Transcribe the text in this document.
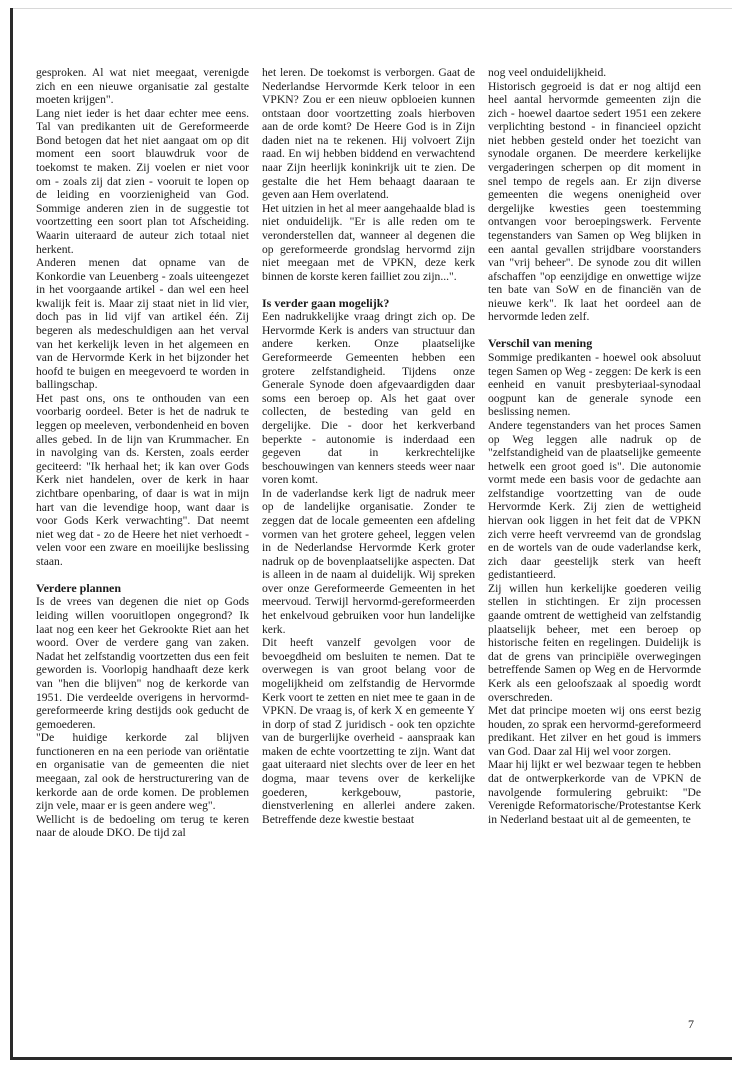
gesproken. Al wat niet meegaat, verenigde zich en een nieuwe organisatie zal gestalte moeten krijgen".

Lang niet ieder is het daar echter mee eens. Tal van predikanten uit de Gereformeerde Bond betogen dat het niet aangaat om op dit moment een soort blauwdruk voor de toekomst te maken. Zij voelen er niet voor om - zoals zij dat zien - vooruit te lopen op de leiding en voorzienigheid van God. Sommige anderen zien in de suggestie tot voortzetting een soort plan tot Afscheiding. Waarin uiteraard de auteur zich totaal niet herkent.

Anderen menen dat opname van de Konkordie van Leuenberg - zoals uiteengezet in het voorgaande artikel - dan wel een heel kwalijk feit is. Maar zij staat niet in lid vier, doch pas in lid vijf van artikel één. Zij begeren als medeschuldigen aan het verval van het kerkelijk leven in het algemeen en van de Hervormde Kerk in het bijzonder het hoofd te buigen en meegevoerd te worden in ballingschap.

Het past ons, ons te onthouden van een voorbarig oordeel. Beter is het de nadruk te leggen op meeleven, verbondenheid en boven alles gebed. In de lijn van Krummacher. En in navolging van ds. Kersten, zoals eerder geciteerd: "Ik herhaal het; ik kan over Gods Kerk niet handelen, over de kerk in haar zichtbare openbaring, of daar is wat in mijn hart van die levendige hoop, want daar is voor Gods Kerk verwachting". Dat neemt niet weg dat - zo de Heere het niet verhoedt - velen voor een zware en moeilijke beslissing staan.

Verdere plannen

Is de vrees van degenen die niet op Gods leiding willen vooruitlopen ongegrond? Ik laat nog een keer het Gekrookte Riet aan het woord. Over de verdere gang van zaken. Nadat het zelfstandig voortzetten dus een feit geworden is. Voorlopig handhaaft deze kerk van "hen die blijven" nog de kerkorde van 1951. Die verdeelde overigens in hervormd-gereformeerde kring destijds ook geducht de gemoederen.

"De huidige kerkorde zal blijven functioneren en na een periode van oriëntatie en organisatie van de gemeenten die niet meegaan, zal ook de herstructurering van de kerkorde aan de orde komen. De problemen zijn vele, maar er is geen andere weg".

Wellicht is de bedoeling om terug te keren naar de aloude DKO. De tijd zal

het leren. De toekomst is verborgen. Gaat de Nederlandse Hervormde Kerk teloor in een VPKN? Zou er een nieuw opbloeien kunnen ontstaan door voortzetting zoals hierboven aan de orde komt? De Heere God is in Zijn daden niet na te rekenen. Hij volvoert Zijn raad. En wij hebben biddend en verwachtend naar Zijn heerlijk koninkrijk uit te zien. De gestalte die het Hem behaagt daaraan te geven aan Hem overlatend.

Het uitzien in het al meer aangehaalde blad is niet onduidelijk. "Er is alle reden om te veronderstellen dat, wanneer al degenen die op gereformeerde grondslag hervormd zijn niet meegaan met de VPKN, deze kerk binnen de korste keren failliet zou zijn...".

Is verder gaan mogelijk?

Een nadrukkelijke vraag dringt zich op. De Hervormde Kerk is anders van structuur dan andere kerken. Onze plaatselijke Gereformeerde Gemeenten hebben een grotere zelfstandigheid. Tijdens onze Generale Synode doen afgevaardigden daar soms een beroep op. Als het gaat over collecten, de besteding van geld en dergelijke. Die - door het kerkverband beperkte - autonomie is inderdaad een gegeven dat in kerkrechtelijke beschouwingen van kenners steeds weer naar voren komt.

In de vaderlandse kerk ligt de nadruk meer op de landelijke organisatie. Zonder te zeggen dat de locale gemeenten een afdeling vormen van het grotere geheel, leggen velen in de Nederlandse Hervormde Kerk groter nadruk op de bovenplaatselijke aspecten. Dat is alleen in de naam al duidelijk. Wij spreken over onze Gereformeerde Gemeenten in het meervoud. Terwijl hervormd-gereformeerden het enkelvoud gebruiken voor hun landelijke kerk.

Dit heeft vanzelf gevolgen voor de bevoegdheid om besluiten te nemen. Dat te overwegen is van groot belang voor de mogelijkheid om zelfstandig de Hervormde Kerk voort te zetten en niet mee te gaan in de VPKN. De vraag is, of kerk X en gemeente Y in dorp of stad Z juridisch - ook ten opzichte van de burgerlijke overheid - aanspraak kan maken de echte voortzetting te zijn. Want dat gaat uiteraard niet slechts over de leer en het dogma, maar tevens over de kerkelijke goederen, kerkgebouw, pastorie, dienstverlening en allerlei andere zaken. Betreffende deze kwestie bestaat

nog veel onduidelijkheid.

Historisch gegroeid is dat er nog altijd een heel aantal hervormde gemeenten zijn die zich - hoewel daartoe sedert 1951 een zekere verplichting bestond - in financieel opzicht niet hebben gesteld onder het toezicht van synodale organen. De meerdere kerkelijke vergaderingen scherpen op dit moment in snel tempo de regels aan. Er zijn diverse gemeenten die wegens onenigheid over dergelijke kwesties geen toestemming ontvangen voor beroepingswerk. Fervente tegenstanders van Samen op Weg blijken in een aantal gevallen strijdbare voorstanders van "vrij beheer". De synode zou dit willen afschaffen "op eenzijdige en onwettige wijze ten bate van SoW en de financiën van de nieuwe kerk". Ik laat het oordeel aan de hervormde leden zelf.

Verschil van mening

Sommige predikanten - hoewel ook absoluut tegen Samen op Weg - zeggen: De kerk is een eenheid en vanuit presbyteriaal-synodaal oogpunt kan de generale synode een beslissing nemen.

Andere tegenstanders van het proces Samen op Weg leggen alle nadruk op de "zelfstandigheid van de plaatselijke gemeente hetwelk een groot goed is". Die autonomie vormt mede een basis voor de gedachte aan zelfstandige voortzetting van de oude Hervormde Kerk. Zij zien de wettigheid hiervan ook liggen in het feit dat de VPKN zich verre heeft vervreemd van de grondslag en de wortels van de oude vaderlandse kerk, zich daar geestelijk sterk van heeft gedistantieerd.

Zij willen hun kerkelijke goederen veilig stellen in stichtingen. Er zijn processen gaande omtrent de wettigheid van zelfstandig plaatselijk beheer, met een beroep op historische feiten en regelingen. Duidelijk is dat de grens van principiële overwegingen betreffende Samen op Weg en de Hervormde Kerk als een geloofszaak al spoedig wordt overschreden.

Met dat principe moeten wij ons eerst bezig houden, zo sprak een hervormd-gereformeerd predikant. Het zilver en het goud is immers van God. Daar zal Hij wel voor zorgen.

Maar hij lijkt er wel bezwaar tegen te hebben dat de ontwerpkerkorde van de VPKN de navolgende formulering gebruikt: "De Verenigde Reformatorische/Protestantse Kerk in Nederland bestaat uit al de gemeenten, te

7
